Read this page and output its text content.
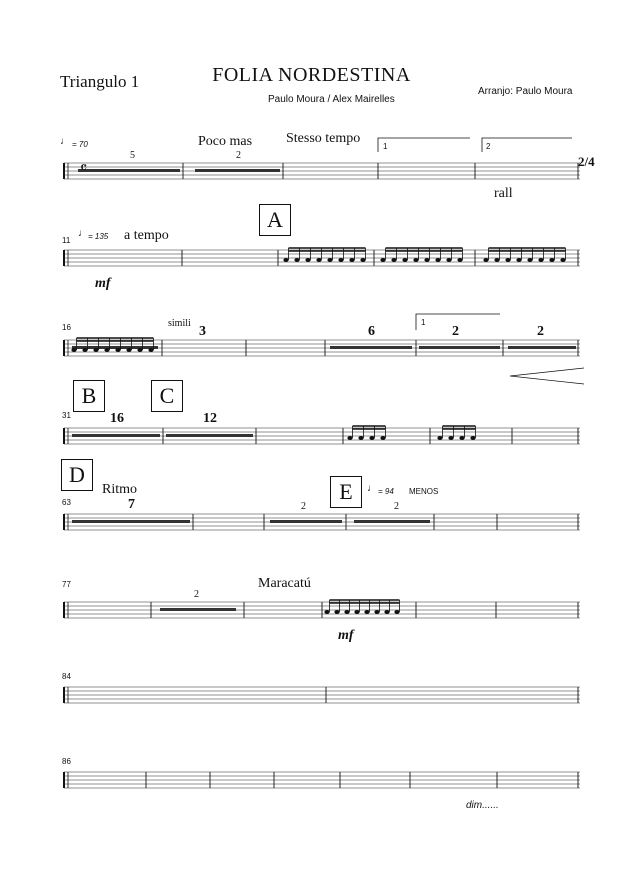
Triangulo 1	FOLIA NORDESTINA
Paulo Moura / Alex Mairelles
Arranjo: Paulo Moura
♩ = 70	Poco mas Stesso tempo
rall
5	2
1	2
𝄴	2/4
11
♩ = 135 a tempo
A
mf
16	simili
3	6	2	2
1
B	C
31	16	12
D
63
Ritmo
7	2
E	♩ = 94 MENOS
2
77	Maracatú
2
mf
84
86
dim......
